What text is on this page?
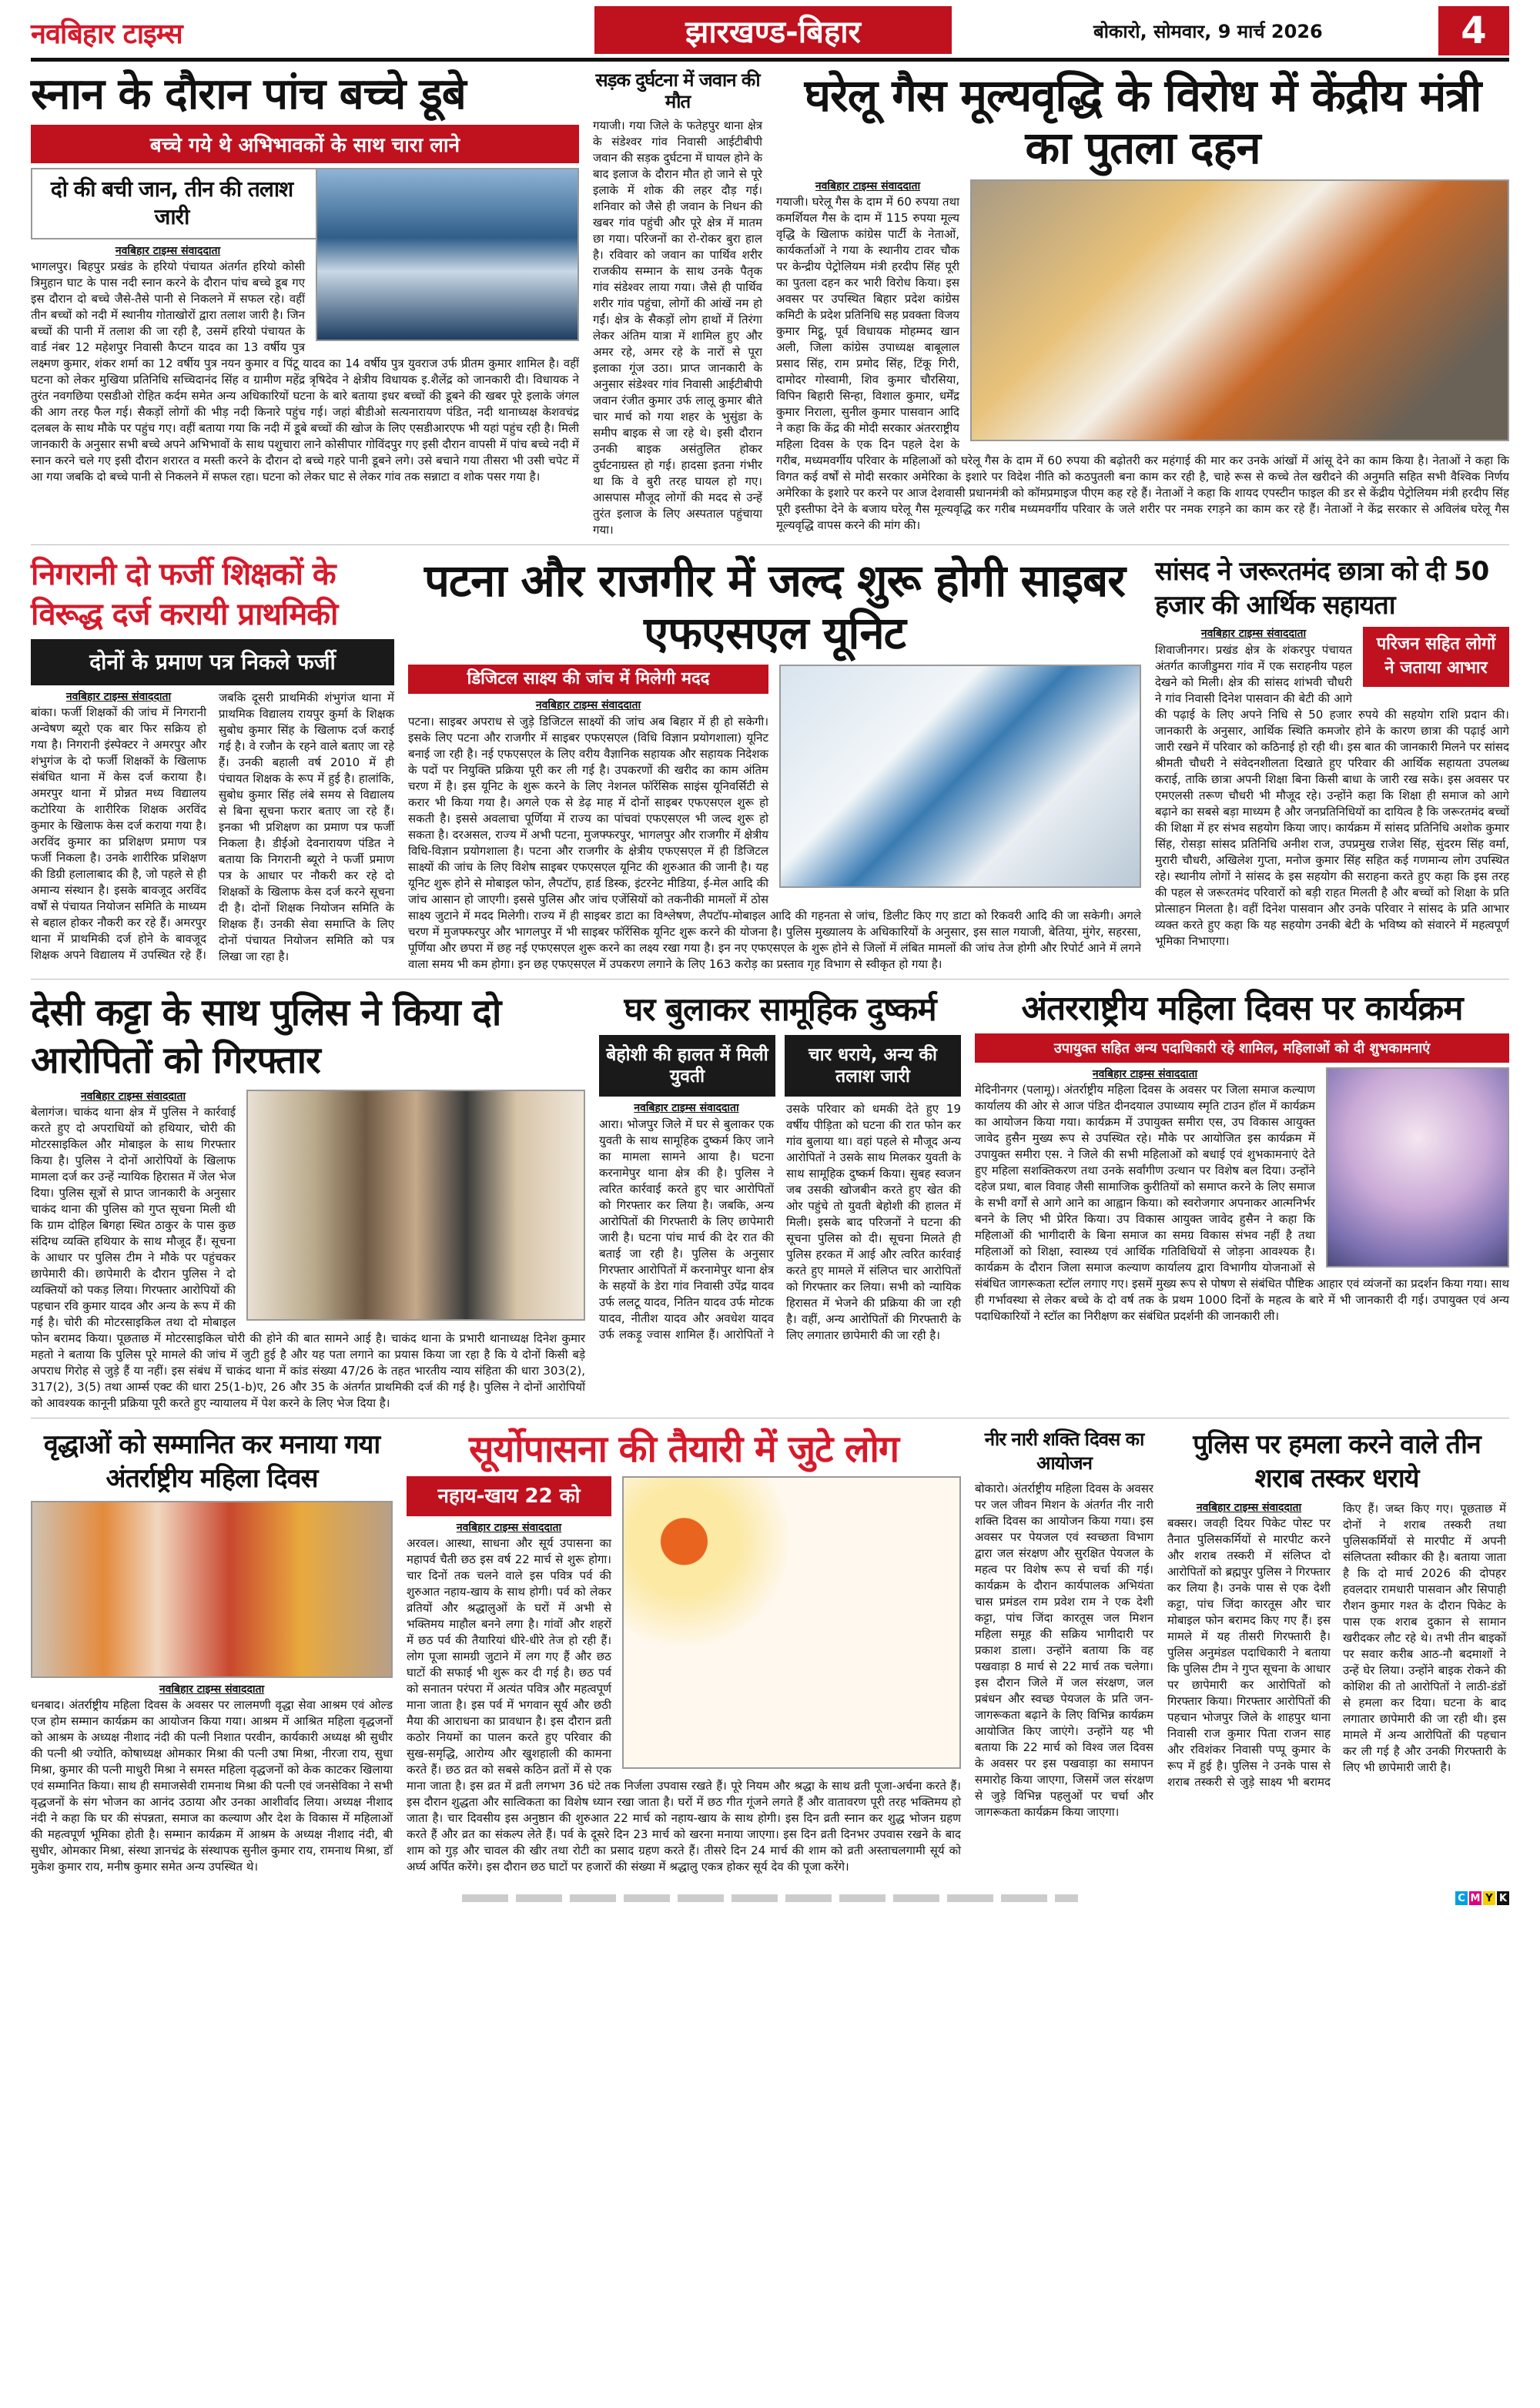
नवबिहार टाइम्स	झारखण्ड-बिहार	बोकारो, सोमवार, 9 मार्च 2026	4
स्नान के दौरान पांच बच्चे डूबे
बच्चे गये थे अभिभावकों के साथ चारा लाने
दो की बची जान, तीन की तलाश जारी
नवबिहार टाइम्स संवाददाता
भागलपुर। बिहपुर प्रखंड के हरियो पंचायत अंतर्गत हरियो कोसी त्रिमुहान घाट के पास नदी स्नान करने के दौरान पांच बच्चे डूब गए इस दौरान दो बच्चे जैसे-तैसे पानी से निकलने में सफल रहे। वहीं तीन बच्चों को नदी में स्थानीय गोताखोरों द्वारा तलाश जारी है। जिन बच्चों की पानी में तलाश की जा रही है, उसमें हरियो पंचायत के वार्ड नंबर 12 महेशपुर निवासी कैप्टन यादव का 13 वर्षीय पुत्र लक्ष्मण कुमार, शंकर शर्मा का 12 वर्षीय पुत्र नयन कुमार व पिंटू यादव का 14 वर्षीय पुत्र युवराज उर्फ प्रीतम कुमार शामिल है। वहीं घटना को लेकर मुखिया प्रतिनिधि सच्चिदानंद सिंह व ग्रामीण महेंद्र त्रृषिदेव ने क्षेत्रीय विधायक इ.शैलेंद्र को जानकारी दी। विधायक ने तुरंत नवगछिया एसडीओ रोहित कर्दम समेत अन्य अधिकारियों घटना के बारे बताया इधर बच्चों की डूबने की खबर पूरे इलाके जंगल की आग तरह फैल गई। सैकड़ों लोगों की भीड़ नदी किनारे पहुंच गई। जहां बीडीओ सत्यनारायण पंडित, नदी थानाध्यक्ष केशवचंद्र दलबल के साथ मौके पर पहुंच गए। वहीं बताया गया कि नदी में डूबे बच्चों की खोज के लिए एसडीआरएफ भी यहां पहुंच रही है। मिली जानकारी के अनुसार सभी बच्चे अपने अभिभावों के साथ पशुचारा लाने कोसीपार गोविंदपुर गए इसी दौरान वापसी में पांच बच्चे नदी में स्नान करने चले गए इसी दौरान शरारत व मस्ती करने के दौरान दो बच्चे गहरे पानी डूबने लगे। उसे बचाने गया तीसरा भी उसी चपेट में आ गया जबकि दो बच्चे पानी से निकलने में सफल रहा। घटना को लेकर घाट से लेकर गांव तक सन्नाटा व शोक पसर गया है।
सड़क दुर्घटना में जवान की मौत
गयाजी। गया जिले के फतेहपुर थाना क्षेत्र के संडेश्वर गांव निवासी आईटीबीपी जवान की सड़क दुर्घटना में घायल होने के बाद इलाज के दौरान मौत हो जाने से पूरे इलाके में शोक की लहर दौड़ गई। शनिवार को जैसे ही जवान के निधन की खबर गांव पहुंची और पूरे क्षेत्र में मातम छा गया। परिजनों का रो-रोकर बुरा हाल है। रविवार को जवान का पार्थिव शरीर राजकीय सम्मान के साथ उनके पैतृक गांव संडेश्वर लाया गया। जैसे ही पार्थिव शरीर गांव पहुंचा, लोगों की आंखें नम हो गईं। क्षेत्र के सैकड़ों लोग हाथों में तिरंगा लेकर अंतिम यात्रा में शामिल हुए और अमर रहे, अमर रहे के नारों से पूरा इलाका गूंज उठा। प्राप्त जानकारी के अनुसार संडेश्वर गांव निवासी आईटीबीपी जवान रंजीत कुमार उर्फ लालू कुमार बीते चार मार्च को गया शहर के भुसुंडा के समीप बाइक से जा रहे थे। इसी दौरान उनकी बाइक असंतुलित होकर दुर्घटनाग्रस्त हो गई। हादसा इतना गंभीर था कि वे बुरी तरह घायल हो गए। आसपास मौजूद लोगों की मदद से उन्हें तुरंत इलाज के लिए अस्पताल पहुंचाया गया।
घरेलू गैस मूल्यवृद्धि के विरोध में केंद्रीय मंत्री का पुतला दहन
नवबिहार टाइम्स संवाददाता
गयाजी। घरेलू गैस के दाम में 60 रुपया तथा कमर्शियल गैस के दाम में 115 रुपया मूल्य वृद्धि के खिलाफ कांग्रेस पार्टी के नेताओं, कार्यकर्ताओं ने गया के स्थानीय टावर चौक पर केन्द्रीय पेट्रोलियम मंत्री हरदीप सिंह पूरी का पुतला दहन कर भारी विरोध किया। इस अवसर पर उपस्थित बिहार प्रदेश कांग्रेस कमिटी के प्रदेश प्रतिनिधि सह प्रवक्ता विजय कुमार मिट्ठू, पूर्व विधायक मोहम्मद खान अली, जिला कांग्रेस उपाध्यक्ष बाबूलाल प्रसाद सिंह, राम प्रमोद सिंह, टिंकू गिरी, दामोदर गोस्वामी, शिव कुमार चौरसिया, विपिन बिहारी सिन्हा, विशाल कुमार, धर्मेंद्र कुमार निराला, सुनील कुमार पासवान आदि ने कहा कि केंद्र की मोदी सरकार अंतरराष्ट्रीय महिला दिवस के एक दिन पहले देश के गरीब, मध्यमवर्गीय परिवार के महिलाओं को घरेलू गैस के दाम में 60 रुपया की बढ़ोतरी कर महंगाई की मार कर उनके आंखों में आंसू देने का काम किया है। नेताओं ने कहा कि विगत कई वर्षों से मोदी सरकार अमेरिका के इशारे पर विदेश नीति को कठपुतली बना काम कर रही है, चाहे रूस से कच्चे तेल खरीदने की अनुमति सहित सभी वैश्विक निर्णय अमेरिका के इशारे पर करने पर आज देशवासी प्रधानमंत्री को कॉमप्रमाइज पीएम कह रहे हैं। नेताओं ने कहा कि शायद एपस्टीन फाइल की डर से केंद्रीय पेट्रोलियम मंत्री हरदीप सिंह पूरी इस्तीफा देने के बजाय घरेलू गैस मूल्यवृद्धि कर गरीब मध्यमवर्गीय परिवार के जले शरीर पर नमक रगड़ने का काम कर रहे हैं। नेताओं ने केंद्र सरकार से अविलंब घरेलू गैस मूल्यवृद्धि वापस करने की मांग की।
निगरानी दो फर्जी शिक्षकों के विरूद्ध दर्ज करायी प्राथमिकी
दोनों के प्रमाण पत्र निकले फर्जी
नवबिहार टाइम्स संवाददाता
बांका। फर्जी शिक्षकों की जांच में निगरानी अन्वेषण ब्यूरो एक बार फिर सक्रिय हो गया है। निगरानी इंस्पेक्टर ने अमरपुर और शंभुगंज के दो फर्जी शिक्षकों के खिलाफ संबंधित थाना में केस दर्ज कराया है। अमरपुर थाना में प्रोन्नत मध्य विद्यालय कटोरिया के शारीरिक शिक्षक अरविंद कुमार के खिलाफ केस दर्ज कराया गया है। अरविंद कुमार का प्रशिक्षण प्रमाण पत्र फर्जी निकला है। उनके शारीरिक प्रशिक्षण की डिग्री हलालाबाद की है, जो पहले से ही अमान्य संस्थान है। इसके बावजूद अरविंद वर्षों से पंचायत नियोजन समिति के माध्यम से बहाल होकर नौकरी कर रहे हैं। अमरपुर थाना में प्राथमिकी दर्ज होने के बावजूद शिक्षक अपने विद्यालय में उपस्थित रहे हैं। जबकि दूसरी प्राथमिकी शंभुगंज थाना में प्राथमिक विद्यालय रायपुर कुर्मा के शिक्षक सुबोध कुमार सिंह के खिलाफ दर्ज कराई गई है। वे रजौन के रहने वाले बताए जा रहे हैं। उनकी बहाली वर्ष 2010 में ही पंचायत शिक्षक के रूप में हुई है। हालांकि, सुबोध कुमार सिंह लंबे समय से विद्यालय से बिना सूचना फरार बताए जा रहे हैं। इनका भी प्रशिक्षण का प्रमाण पत्र फर्जी निकला है। डीईओ देवनारायण पंडित ने बताया कि निगरानी ब्यूरो ने फर्जी प्रमाण पत्र के आधार पर नौकरी कर रहे दो शिक्षकों के खिलाफ केस दर्ज करने सूचना दी है। दोनों शिक्षक नियोजन समिति के शिक्षक हैं। उनकी सेवा समाप्ति के लिए दोनों पंचायत नियोजन समिति को पत्र लिखा जा रहा है।
पटना और राजगीर में जल्द शुरू होगी साइबर एफएसएल यूनिट
डिजिटल साक्ष्य की जांच में मिलेगी मदद
नवबिहार टाइम्स संवाददाता
पटना। साइबर अपराध से जुड़े डिजिटल साक्ष्यों की जांच अब बिहार में ही हो सकेगी। इसके लिए पटना और राजगीर में साइबर एफएसएल (विधि विज्ञान प्रयोगशाला) यूनिट बनाई जा रही है। नई एफएसएल के लिए वरीय वैज्ञानिक सहायक और सहायक निदेशक के पदों पर नियुक्ति प्रक्रिया पूरी कर ली गई है। उपकरणों की खरीद का काम अंतिम चरण में है। इस यूनिट के शुरू करने के लिए नेशनल फॉरेंसिक साइंस यूनिवर्सिटी से करार भी किया गया है। अगले एक से डेढ़ माह में दोनों साइबर एफएसएल शुरू हो सकती है। इससे अवलाचा पूर्णिया में राज्य का पांचवां एफएसएल भी जल्द शुरू हो सकता है। दरअसल, राज्य में अभी पटना, मुजफ्फरपुर, भागलपुर और राजगीर में क्षेत्रीय विधि-विज्ञान प्रयोगशाला है। पटना और राजगीर के क्षेत्रीय एफएसएल में ही डिजिटल साक्ष्यों की जांच के लिए विशेष साइबर एफएसएल यूनिट की शुरुआत की जानी है। यह यूनिट शुरू होने से मोबाइल फोन, लैपटॉप, हार्ड डिस्क, इंटरनेट मीडिया, ई-मेल आदि की जांच आसान हो जाएगी। इससे पुलिस और जांच एजेंसियों को तकनीकी मामलों में ठोस साक्ष्य जुटाने में मदद मिलेगी। राज्य में ही साइबर डाटा का विश्लेषण, लैपटॉप-मोबाइल आदि की गहनता से जांच, डिलीट किए गए डाटा को रिकवरी आदि की जा सकेगी। अगले चरण में मुजफ्फरपुर और भागलपुर में भी साइबर फॉरेंसिक यूनिट शुरू करने की योजना है। पुलिस मुख्यालय के अधिकारियों के अनुसार, इस साल गयाजी, बेतिया, मुंगेर, सहरसा, पूर्णिया और छपरा में छह नई एफएसएल शुरू करने का लक्ष्य रखा गया है। इन नए एफएसएल के शुरू होने से जिलों में लंबित मामलों की जांच तेज होगी और रिपोर्ट आने में लगने वाला समय भी कम होगा। इन छह एफएसएल में उपकरण लगाने के लिए 163 करोड़ का प्रस्ताव गृह विभाग से स्वीकृत हो गया है।
सांसद ने जरूरतमंद छात्रा को दी 50 हजार की आर्थिक सहायता
परिजन सहित लोगों ने जताया आभार
नवबिहार टाइम्स संवाददाता
शिवाजीनगर। प्रखंड क्षेत्र के शंकरपुर पंचायत अंतर्गत काजीडुमरा गांव में एक सराहनीय पहल देखने को मिली। क्षेत्र की सांसद शांभवी चौधरी ने गांव निवासी दिनेश पासवान की बेटी की आगे की पढ़ाई के लिए अपने निधि से 50 हजार रुपये की सहयोग राशि प्रदान की। जानकारी के अनुसार, आर्थिक स्थिति कमजोर होने के कारण छात्रा की पढ़ाई आगे जारी रखने में परिवार को कठिनाई हो रही थी। इस बात की जानकारी मिलने पर सांसद श्रीमती चौधरी ने संवेदनशीलता दिखाते हुए परिवार की आर्थिक सहायता उपलब्ध कराई, ताकि छात्रा अपनी शिक्षा बिना किसी बाधा के जारी रख सके। इस अवसर पर एमएलसी तरूण चौधरी भी मौजूद रहे। उन्होंने कहा कि शिक्षा ही समाज को आगे बढ़ाने का सबसे बड़ा माध्यम है और जनप्रतिनिधियों का दायित्व है कि जरूरतमंद बच्चों की शिक्षा में हर संभव सहयोग किया जाए। कार्यक्रम में सांसद प्रतिनिधि अशोक कुमार सिंह, रोसड़ा सांसद प्रतिनिधि अनीश राज, उपप्रमुख राजेश सिंह, सुंदरम सिंह वर्मा, मुरारी चौधरी, अखिलेश गुप्ता, मनोज कुमार सिंह सहित कई गणमान्य लोग उपस्थित रहे। स्थानीय लोगों ने सांसद के इस सहयोग की सराहना करते हुए कहा कि इस तरह की पहल से जरूरतमंद परिवारों को बड़ी राहत मिलती है और बच्चों को शिक्षा के प्रति प्रोत्साहन मिलता है। वहीं दिनेश पासवान और उनके परिवार ने सांसद के प्रति आभार व्यक्त करते हुए कहा कि यह सहयोग उनकी बेटी के भविष्य को संवारने में महत्वपूर्ण भूमिका निभाएगा।
देसी कट्टा के साथ पुलिस ने किया दो आरोपितों को गिरफ्तार
नवबिहार टाइम्स संवाददाता
बेलागंज। चाकंद थाना क्षेत्र में पुलिस ने कार्रवाई करते हुए दो अपराधियों को हथियार, चोरी की मोटरसाइकिल और मोबाइल के साथ गिरफ्तार किया है। पुलिस ने दोनों आरोपियों के खिलाफ मामला दर्ज कर उन्हें न्यायिक हिरासत में जेल भेज दिया। पुलिस सूत्रों से प्राप्त जानकारी के अनुसार चाकंद थाना की पुलिस को गुप्त सूचना मिली थी कि ग्राम दोहिल बिगहा स्थित ठाकुर के पास कुछ संदिग्ध व्यक्ति हथियार के साथ मौजूद हैं। सूचना के आधार पर पुलिस टीम ने मौके पर पहुंचकर छापेमारी की। छापेमारी के दौरान पुलिस ने दो व्यक्तियों को पकड़ लिया। गिरफ्तार आरोपियों की पहचान रवि कुमार यादव और अन्य के रूप में की गई है। चोरी की मोटरसाइकिल तथा दो मोबाइल फोन बरामद किया। पूछताछ में मोटरसाइकिल चोरी की होने की बात सामने आई है। चाकंद थाना के प्रभारी थानाध्यक्ष दिनेश कुमार महतो ने बताया कि पुलिस पूरे मामले की जांच में जुटी हुई है और यह पता लगाने का प्रयास किया जा रहा है कि ये दोनों किसी बड़े अपराध गिरोह से जुड़े हैं या नहीं। इस संबंध में चाकंद थाना में कांड संख्या 47/26 के तहत भारतीय न्याय संहिता की धारा 303(2), 317(2), 3(5) तथा आर्म्स एक्ट की धारा 25(1-b)ए, 26 और 35 के अंतर्गत प्राथमिकी दर्ज की गई है। पुलिस ने दोनों आरोपियों को आवश्यक कानूनी प्रक्रिया पूरी करते हुए न्यायालय में पेश करने के लिए भेज दिया है।
घर बुलाकर सामूहिक दुष्कर्म
बेहोशी की हालत में मिली युवती
चार धराये, अन्य की तलाश जारी
नवबिहार टाइम्स संवाददाता
आरा। भोजपुर जिले में घर से बुलाकर एक युवती के साथ सामूहिक दुष्कर्म किए जाने का मामला सामने आया है। घटना करनामेपुर थाना क्षेत्र की है। पुलिस ने त्वरित कार्रवाई करते हुए चार आरोपितों को गिरफ्तार कर लिया है। जबकि, अन्य आरोपितों की गिरफ्तारी के लिए छापेमारी जारी है। घटना पांच मार्च की देर रात की बताई जा रही है। पुलिस के अनुसार गिरफ्तार आरोपितों में करनामेपुर थाना क्षेत्र के सहयों के डेरा गांव निवासी उपेंद्र यादव उर्फ ललटू यादव, नितिन यादव उर्फ मोटक यादव, नीतीश यादव और अवधेश यादव उर्फ लकड़ू ज्वास शामिल हैं। आरोपितों ने उसके परिवार को धमकी देते हुए 19 वर्षीय पीड़िता को घटना की रात फोन कर गांव बुलाया था। वहां पहले से मौजूद अन्य आरोपितों ने उसके साथ मिलकर युवती के साथ सामूहिक दुष्कर्म किया। सुबह स्वजन जब उसकी खोजबीन करते हुए खेत की ओर पहुंचे तो युवती बेहोशी की हालत में मिली। इसके बाद परिजनों ने घटना की सूचना पुलिस को दी। सूचना मिलते ही पुलिस हरकत में आई और त्वरित कार्रवाई करते हुए मामले में संलिप्त चार आरोपितों को गिरफ्तार कर लिया। सभी को न्यायिक हिरासत में भेजने की प्रक्रिया की जा रही है। वहीं, अन्य आरोपितों की गिरफ्तारी के लिए लगातार छापेमारी की जा रही है।
अंतरराष्ट्रीय महिला दिवस पर कार्यक्रम
उपायुक्त सहित अन्य पदाधिकारी रहे शामिल, महिलाओं को दी शुभकामनाएं
नवबिहार टाइम्स संवाददाता
मेदिनीनगर (पलामू)। अंतर्राष्ट्रीय महिला दिवस के अवसर पर जिला समाज कल्याण कार्यालय की ओर से आज पंडित दीनदयाल उपाध्याय स्मृति टाउन हॉल में कार्यक्रम का आयोजन किया गया। कार्यक्रम में उपायुक्त समीरा एस, उप विकास आयुक्त जावेद हुसैन मुख्य रूप से उपस्थित रहे। मौके पर आयोजित इस कार्यक्रम में उपायुक्त समीरा एस. ने जिले की सभी महिलाओं को बधाई एवं शुभकामनाएं देते हुए महिला सशक्तिकरण तथा उनके सर्वांगीण उत्थान पर विशेष बल दिया। उन्होंने दहेज प्रथा, बाल विवाह जैसी सामाजिक कुरीतियों को समाप्त करने के लिए समाज के सभी वर्गों से आगे आने का आह्वान किया। को स्वरोजगार अपनाकर आत्मनिर्भर बनने के लिए भी प्रेरित किया। उप विकास आयुक्त जावेद हुसैन ने कहा कि महिलाओं की भागीदारी के बिना समाज का समग्र विकास संभव नहीं है तथा महिलाओं को शिक्षा, स्वास्थ्य एवं आर्थिक गतिविधियों से जोड़ना आवश्यक है। कार्यक्रम के दौरान जिला समाज कल्याण कार्यालय द्वारा विभागीय योजनाओं से संबंधित जागरूकता स्टॉल लगाए गए। इसमें मुख्य रूप से पोषण से संबंधित पौष्टिक आहार एवं व्यंजनों का प्रदर्शन किया गया। साथ ही गर्भावस्था से लेकर बच्चे के दो वर्ष तक के प्रथम 1000 दिनों के महत्व के बारे में भी जानकारी दी गई। उपायुक्त एवं अन्य पदाधिकारियों ने स्टॉल का निरीक्षण कर संबंधित प्रदर्शनी की जानकारी ली।
वृद्धाओं को सम्मानित कर मनाया गया अंतर्राष्ट्रीय महिला दिवस
नवबिहार टाइम्स संवाददाता
धनबाद। अंतर्राष्ट्रीय महिला दिवस के अवसर पर लालमणी वृद्धा सेवा आश्रम एवं ओल्ड एज होम सम्मान कार्यक्रम का आयोजन किया गया। आश्रम में आश्रित महिला वृद्धजनों को आश्रम के अध्यक्ष नीशाद नंदी की पत्नी निशात परवीन, कार्यकारी अध्यक्ष श्री सुधीर की पत्नी श्री ज्योति, कोषाध्यक्ष ओमकार मिश्रा की पत्नी उषा मिश्रा, नीरजा राय, सुधा मिश्रा, कुमार की पत्नी माधुरी मिश्रा ने समस्त महिला वृद्धजनों को केक काटकर खिलाया एवं सम्मानित किया। साथ ही समाजसेवी रामनाथ मिश्रा की पत्नी एवं जनसेविका ने सभी वृद्धजनों के संग भोजन का आनंद उठाया और उनका आशीर्वाद लिया। अध्यक्ष नीशाद नंदी ने कहा कि घर की संपन्नता, समाज का कल्याण और देश के विकास में महिलाओं की महत्वपूर्ण भूमिका होती है। सम्मान कार्यक्रम में आश्रम के अध्यक्ष नीशाद नंदी, बी सुधीर, ओमकार मिश्रा, संस्था ज्ञानचंद्र के संस्थापक सुनील कुमार राय, रामनाथ मिश्रा, डॉ मुकेश कुमार राय, मनीष कुमार समेत अन्य उपस्थित थे।
सूर्योपासना की तैयारी में जुटे लोग
नहाय-खाय 22 को
नवबिहार टाइम्स संवाददाता
अरवल। आस्था, साधना और सूर्य उपासना का महापर्व चैती छठ इस वर्ष 22 मार्च से शुरू होगा। चार दिनों तक चलने वाले इस पवित्र पर्व की शुरुआत नहाय-खाय के साथ होगी। पर्व को लेकर व्रतियों और श्रद्धालुओं के घरों में अभी से भक्तिमय माहौल बनने लगा है। गांवों और शहरों में छठ पर्व की तैयारियां धीरे-धीरे तेज हो रही हैं। लोग पूजा सामग्री जुटाने में लग गए हैं और छठ घाटों की सफाई भी शुरू कर दी गई है। छठ पर्व को सनातन परंपरा में अत्यंत पवित्र और महत्वपूर्ण माना जाता है। इस पर्व में भगवान सूर्य और छठी मैया की आराधना का प्रावधान है। इस दौरान व्रती कठोर नियमों का पालन करते हुए परिवार की सुख-समृद्धि, आरोग्य और खुशहाली की कामना करते हैं। छठ व्रत को सबसे कठिन व्रतों में से एक माना जाता है। इस व्रत में व्रती लगभग 36 घंटे तक निर्जला उपवास रखते हैं। पूरे नियम और श्रद्धा के साथ व्रती पूजा-अर्चना करते हैं। इस दौरान शुद्धता और सात्विकता का विशेष ध्यान रखा जाता है। घरों में छठ गीत गूंजने लगते हैं और वातावरण पूरी तरह भक्तिमय हो जाता है। चार दिवसीय इस अनुष्ठान की शुरुआत 22 मार्च को नहाय-खाय के साथ होगी। इस दिन व्रती स्नान कर शुद्ध भोजन ग्रहण करते हैं और व्रत का संकल्प लेते हैं। पर्व के दूसरे दिन 23 मार्च को खरना मनाया जाएगा। इस दिन व्रती दिनभर उपवास रखने के बाद शाम को गुड़ और चावल की खीर तथा रोटी का प्रसाद ग्रहण करते हैं। तीसरे दिन 24 मार्च की शाम को व्रती अस्ताचलगामी सूर्य को अर्घ्य अर्पित करेंगे। इस दौरान छठ घाटों पर हजारों की संख्या में श्रद्धालु एकत्र होकर सूर्य देव की पूजा करेंगे।
नीर नारी शक्ति दिवस का आयोजन
बोकारो। अंतर्राष्ट्रीय महिला दिवस के अवसर पर जल जीवन मिशन के अंतर्गत नीर नारी शक्ति दिवस का आयोजन किया गया। इस अवसर पर पेयजल एवं स्वच्छता विभाग द्वारा जल संरक्षण और सुरक्षित पेयजल के महत्व पर विशेष रूप से चर्चा की गई। कार्यक्रम के दौरान कार्यपालक अभियंता चास प्रमंडल राम प्रवेश राम ने एक देशी कट्टा, पांच जिंदा कारतूस जल मिशन महिला समूह की सक्रिय भागीदारी पर प्रकाश डाला। उन्होंने बताया कि वह पखवाड़ा 8 मार्च से 22 मार्च तक चलेगा। इस दौरान जिले में जल संरक्षण, जल प्रबंधन और स्वच्छ पेयजल के प्रति जन-जागरूकता बढ़ाने के लिए विभिन्न कार्यक्रम आयोजित किए जाएंगे। उन्होंने यह भी बताया कि 22 मार्च को विश्व जल दिवस के अवसर पर इस पखवाड़ा का समापन समारोह किया जाएगा, जिसमें जल संरक्षण से जुड़े विभिन्न पहलुओं पर चर्चा और जागरूकता कार्यक्रम किया जाएगा।
पुलिस पर हमला करने वाले तीन शराब तस्कर धराये
नवबिहार टाइम्स संवाददाता
बक्सर। जवही दियर पिकेट पोस्ट पर तैनात पुलिसकर्मियों से मारपीट करने और शराब तस्करी में संलिप्त दो आरोपितों को ब्रह्मपुर पुलिस ने गिरफ्तार कर लिया है। उनके पास से एक देशी कट्टा, पांच जिंदा कारतूस और चार मोबाइल फोन बरामद किए गए हैं। इस मामले में यह तीसरी गिरफ्तारी है। पुलिस अनुमंडल पदाधिकारी ने बताया कि पुलिस टीम ने गुप्त सूचना के आधार पर छापेमारी कर आरोपितों को गिरफ्तार किया। गिरफ्तार आरोपितों की पहचान भोजपुर जिले के शाहपुर थाना निवासी राज कुमार पिता राजन साह और रविशंकर निवासी पप्पू कुमार के रूप में हुई है। पुलिस ने उनके पास से शराब तस्करी से जुड़े साक्ष्य भी बरामद किए हैं। जब्त किए गए। पूछताछ में दोनों ने शराब तस्करी तथा पुलिसकर्मियों से मारपीट में अपनी संलिप्तता स्वीकार की है। बताया जाता है कि दो मार्च 2026 की दोपहर हवलदार रामधारी पासवान और सिपाही रौशन कुमार गश्त के दौरान पिकेट के पास एक शराब दुकान से सामान खरीदकर लौट रहे थे। तभी तीन बाइकों पर सवार करीब आठ-नौ बदमाशों ने उन्हें घेर लिया। उन्होंने बाइक रोकने की कोशिश की तो आरोपितों ने लाठी-डंडों से हमला कर दिया। घटना के बाद लगातार छापेमारी की जा रही थी। इस मामले में अन्य आरोपितों की पहचान कर ली गई है और उनकी गिरफ्तारी के लिए भी छापेमारी जारी है।
C M Y K
